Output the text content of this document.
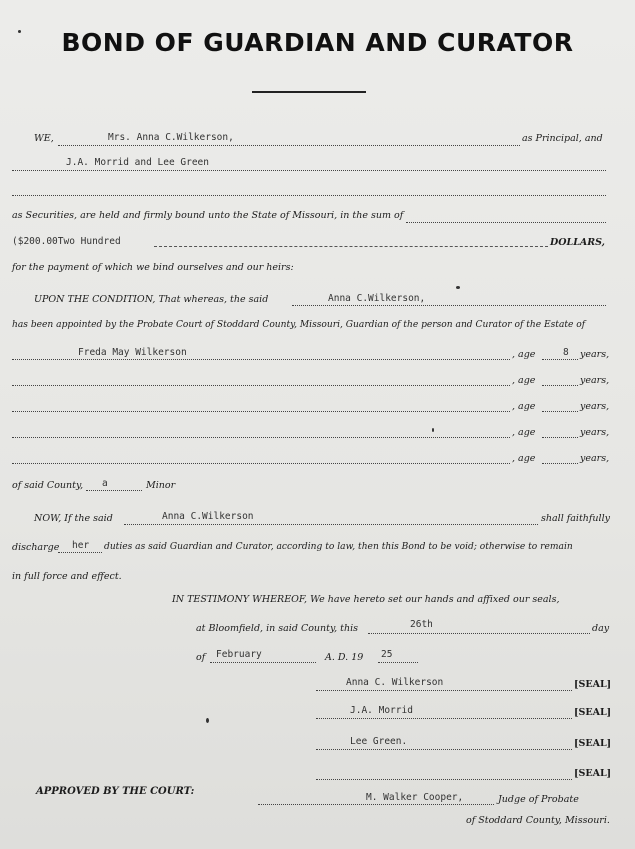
BOND OF GUARDIAN AND CURATOR
WE,	Mrs. Anna C.Wilkerson,	as Principal, and
J.A. Morrid and Lee Green
as Securities, are held and firmly bound unto the State of Missouri, in the sum of
($200.00Two Hundred	DOLLARS,
for the payment of which we bind ourselves and our heirs:
UPON THE CONDITION, That whereas, the said	Anna C.Wilkerson,
has been appointed by the Probate Court of Stoddard County, Missouri, Guardian of the person and Curator of the Estate of
Freda May Wilkerson	, age	8 years,
, age	years,
, age	years,
, age	years,
, age	years,
of said County, a	Minor
NOW, If the said	Anna C.Wilkerson	shall faithfully
discharge her duties as said Guardian and Curator, according to law, then this Bond to be void; otherwise to remain
in full force and effect.
IN TESTIMONY WHEREOF, We have hereto set our hands and affixed our seals,
at Bloomfield, in said County, this	26th	day
of February	A. D. 19 25
Anna C. Wilkerson	[SEAL]
J.A. Morrid	[SEAL]
Lee Green.	[SEAL]
[SEAL]
APPROVED BY THE COURT:
M. Walker Cooper,	Judge of Probate
of Stoddard County, Missouri.
